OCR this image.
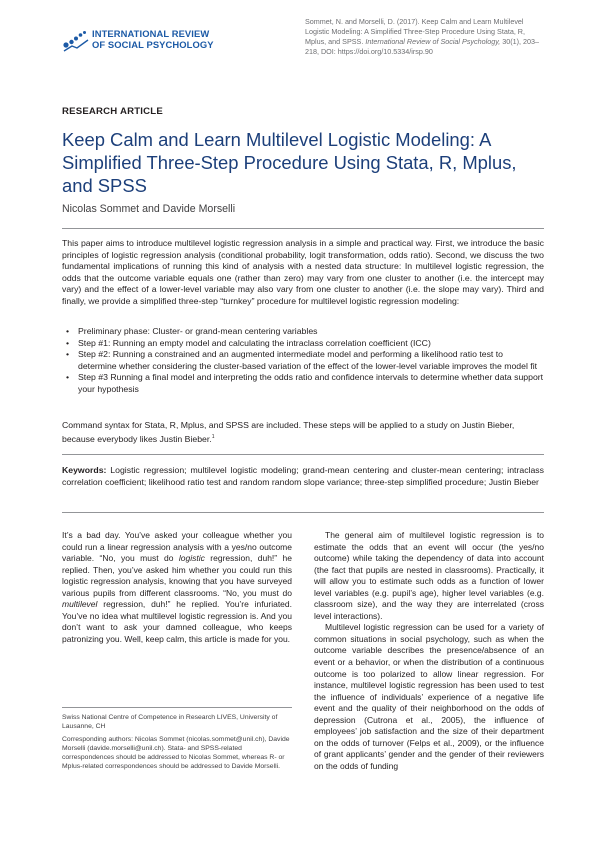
INTERNATIONAL REVIEW
OF SOCIAL PSYCHOLOGY
Sommet, N. and Morselli, D. (2017). Keep Calm and Learn Multilevel Logistic Modeling: A Simplified Three-Step Procedure Using Stata, R, Mplus, and SPSS. International Review of Social Psychology, 30(1), 203–218, DOI: https://doi.org/10.5334/irsp.90
RESEARCH ARTICLE
Keep Calm and Learn Multilevel Logistic Modeling: A Simplified Three-Step Procedure Using Stata, R, Mplus, and SPSS
Nicolas Sommet and Davide Morselli

This paper aims to introduce multilevel logistic regression analysis in a simple and practical way. First, we introduce the basic principles of logistic regression analysis (conditional probability, logit transformation, odds ratio). Second, we discuss the two fundamental implications of running this kind of analysis with a nested data structure: In multilevel logistic regression, the odds that the outcome variable equals one (rather than zero) may vary from one cluster to another (i.e. the intercept may vary) and the effect of a lower-level variable may also vary from one cluster to another (i.e. the slope may vary). Third and finally, we provide a simplified three-step “turnkey” procedure for multilevel logistic regression modeling:

• Preliminary phase: Cluster- or grand-mean centering variables
• Step #1: Running an empty model and calculating the intraclass correlation coefficient (ICC)
• Step #2: Running a constrained and an augmented intermediate model and performing a likelihood ratio test to determine whether considering the cluster-based variation of the effect of the lower-level variable improves the model fit
• Step #3 Running a final model and interpreting the odds ratio and confidence intervals to determine whether data support your hypothesis
Command syntax for Stata, R, Mplus, and SPSS are included. These steps will be applied to a study on Justin Bieber, because everybody likes Justin Bieber.$^1$
Keywords: Logistic regression; multilevel logistic modeling; grand-mean centering and cluster-mean centering; intraclass correlation coefficient; likelihood ratio test and random random slope variance; three-step simplified procedure; Justin Bieber

It’s a bad day. You’ve asked your colleague whether you could run a linear regression analysis with a yes/no outcome variable. “No, you must do logistic regression, duh!” he replied. Then, you’ve asked him whether you could run this logistic regression analysis, knowing that you have surveyed various pupils from different classrooms. “No, you must do multilevel regression, duh!” he replied. You’re infuriated. You’ve no idea what multilevel logistic regression is. And you don’t want to ask your damned colleague, who keeps patronizing you. Well, keep calm, this article is made for you.

The general aim of multilevel logistic regression is to estimate the odds that an event will occur (the yes/no outcome) while taking the dependency of data into account (the fact that pupils are nested in classrooms). Practically, it will allow you to estimate such odds as a function of lower level variables (e.g. pupil’s age), higher level variables (e.g. classroom size), and the way they are interrelated (cross level interactions).

Multilevel logistic regression can be used for a variety of common situations in social psychology, such as when the outcome variable describes the presence/absence of an event or a behavior, or when the distribution of a continuous outcome is too polarized to allow linear regression. For instance, multilevel logistic regression has been used to test the influence of individuals’ experience of a negative life event and the quality of their neighborhood on the odds of depression (Cutrona et al., 2005), the influence of employees’ job satisfaction and the size of their department on the odds of turnover (Felps et al., 2009), or the influence of grant applicants’ gender and the gender of their reviewers on the odds of funding

Swiss National Centre of Competence in Research LIVES, University of Lausanne, CH

Corresponding authors: Nicolas Sommet (nicolas.sommet@unil.ch), Davide Morselli (davide.morselli@unil.ch). Stata- and SPSS-related correspondences should be addressed to Nicolas Sommet, whereas R- or Mplus-related correspondences should be addressed to Davide Morselli.
